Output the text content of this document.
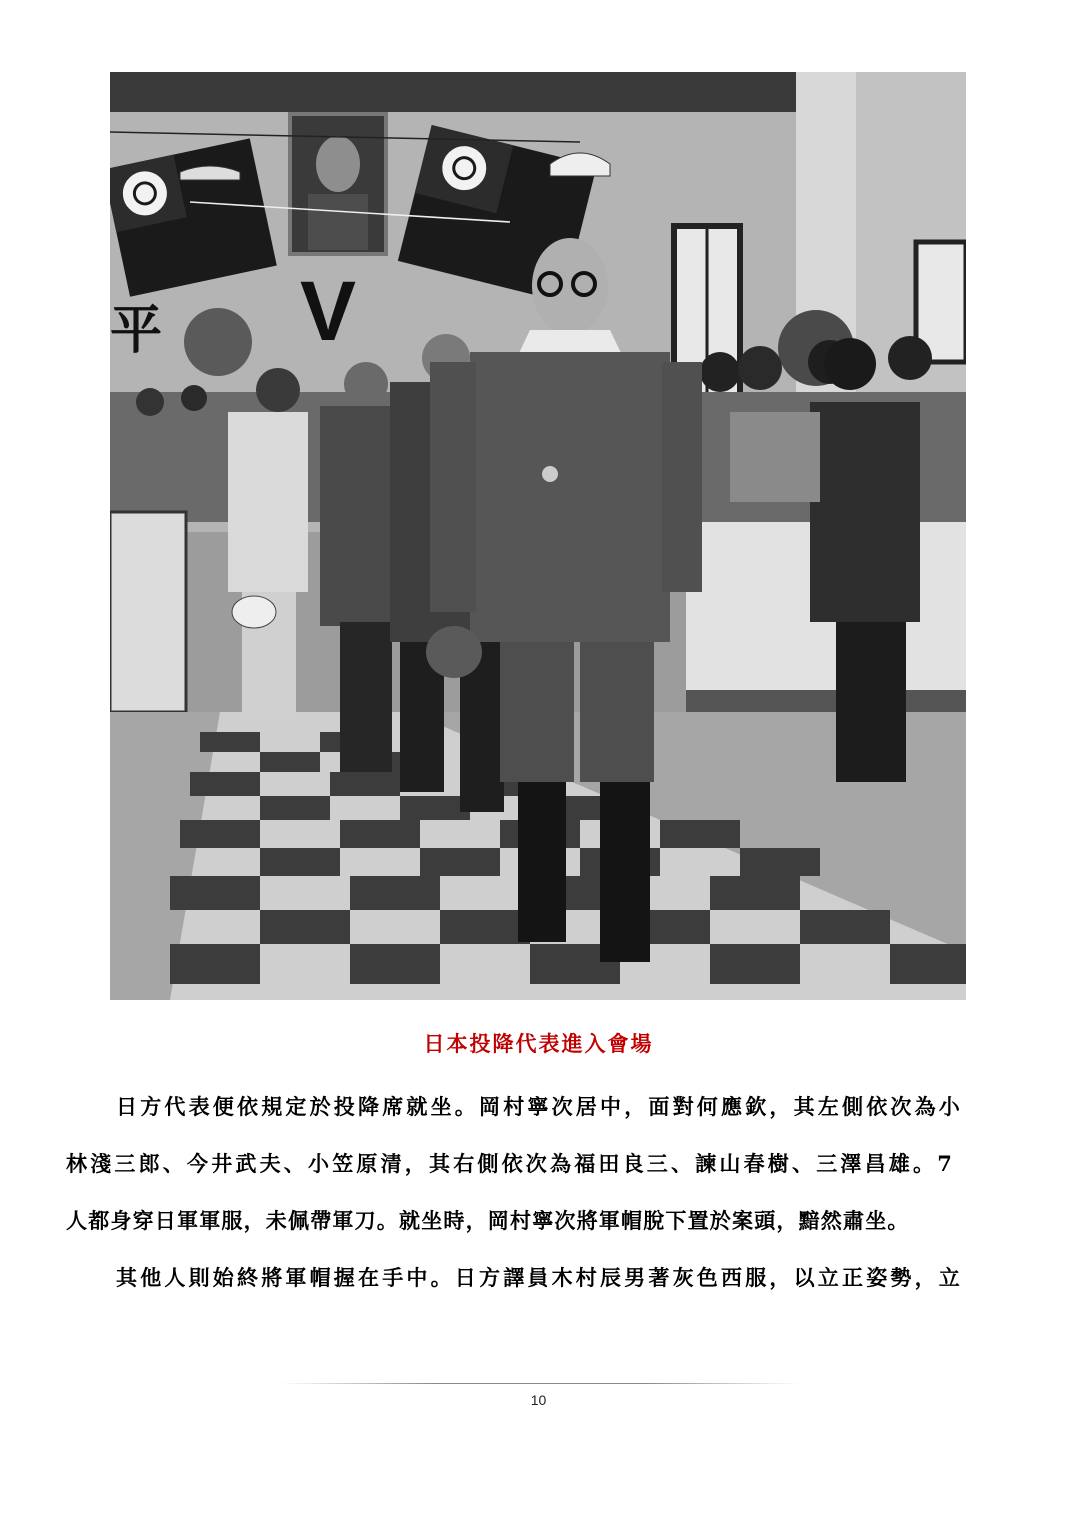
平 V
日本投降代表進入會場
日方代表便依規定於投降席就坐。岡村寧次居中，面對何應欽，其左側依次為小
林淺三郎、今井武夫、小笠原清，其右側依次為福田良三、諫山春樹、三澤昌雄。7
人都身穿日軍軍服，未佩帶軍刀。就坐時，岡村寧次將軍帽脫下置於案頭，黯然肅坐。
其他人則始終將軍帽握在手中。日方譯員木村辰男著灰色西服，以立正姿勢，立
10
